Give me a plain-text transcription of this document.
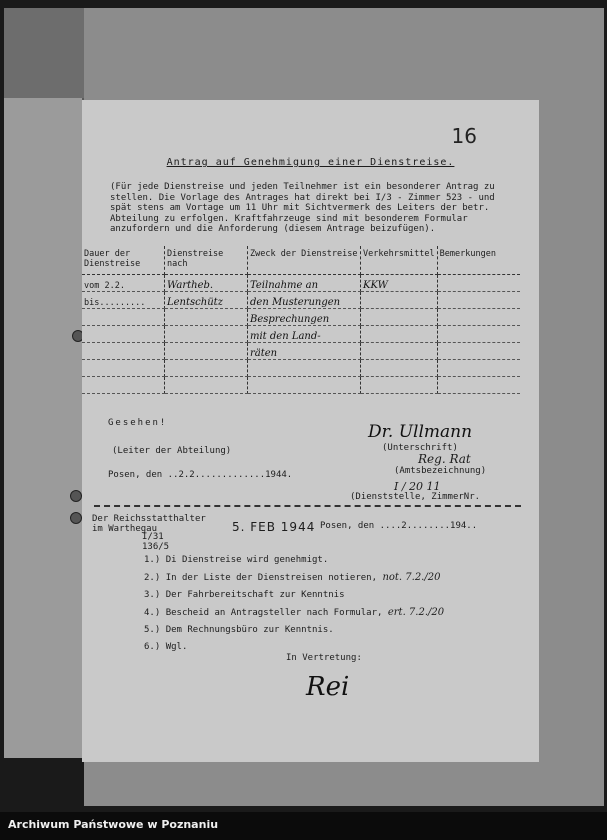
16
Antrag auf Genehmigung einer Dienstreise.
(Für jede Dienstreise und jeden Teilnehmer ist ein besonderer Antrag zu stellen. Die Vorlage des Antrages hat direkt bei I/3 - Zimmer 523 - und spät stens am Vortage um 11 Uhr mit Sichtvermerk des Leiters der betr. Abteilung zu erfolgen. Kraftfahrzeuge sind mit besonderem Formular anzufordern und die Anforderung (diesem Antrage beizufügen).
Dauer der Dienstreise	Dienstreise nach	Zweck der Dienstreise	Verkehrsmittel	Bemerkungen
vom 2.2.	Wartheb.	Teilnahme an	KKW	
bis.........	Lentschütz	den Musterungen		
		Besprechungen		
		mit den Land-		
		räten		

Gesehen!
(Leiter der Abteilung)
Posen, den ..2.2.............1944.
Dr. Ullmann
(Unterschrift)
Reg. Rat
(Amtsbezeichnung)
I / 20 11
(Dienststelle, ZimmerNr.
Der Reichsstatthalter
im Warthegau	5. FEB 1944 Posen, den ....2........194..
I/31
136/5
1.) Di Dienstreise wird genehmigt.
2.) In der Liste der Dienstreisen notieren, not. 7.2./20
3.) Der Fahrbereitschaft zur Kenntnis
4.) Bescheid an Antragsteller nach Formular, ert. 7.2./20
5.) Dem Rechnungsbüro zur Kenntnis.
6.) Wgl.
In Vertretung:
Rei
Archiwum Państwowe w Poznaniu
